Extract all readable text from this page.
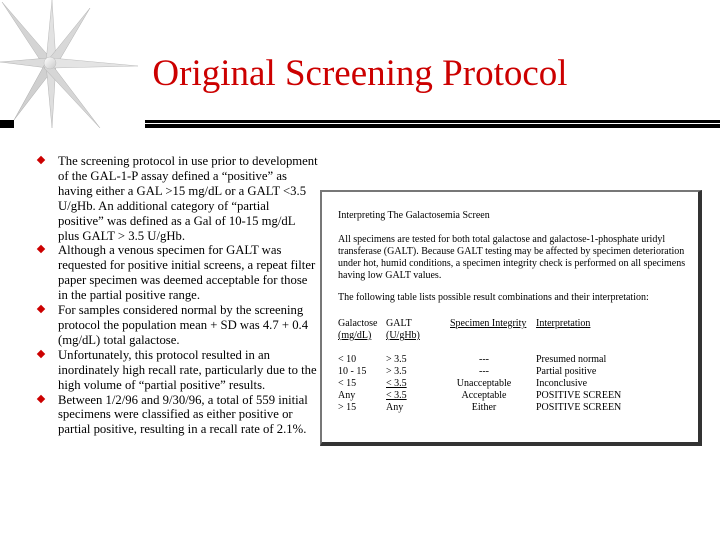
Original Screening Protocol
The screening protocol in use prior to development of the GAL-1-P assay defined a “positive” as having either a GAL >15 mg/dL or a GALT <3.5 U/gHb. An additional category of “partial positive” was defined as a Gal of 10-15 mg/dL plus GALT > 3.5 U/gHb.
Although a venous specimen for GALT was requested for positive initial screens, a repeat filter paper specimen was deemed acceptable for those in the partial positive range.
For samples considered normal by the screening protocol the population mean + SD was 4.7 + 0.4 (mg/dL) total galactose.
Unfortunately, this protocol resulted in an inordinately high recall rate, particularly due to the high volume of “partial positive” results.
Between 1/2/96 and 9/30/96, a total of 559 initial specimens were classified as either positive or partial positive, resulting in a recall rate of 2.1%.
Interpreting The Galactosemia Screen
All specimens are tested for both total galactose and galactose-1-phosphate uridyl transferase (GALT). Because GALT testing may be affected by specimen deterioration under hot, humid conditions, a specimen integrity check is performed on all specimens having low GALT values.
The following table lists possible result combinations and their interpretation:
Galactose
(mg/dL)
< 10
10 - 15
< 15
Any
> 15
GALT
(U/gHb)
> 3.5
> 3.5
< 3.5
< 3.5
Any
Specimen Integrity
---
---
Unacceptable
Acceptable
Either
Interpretation
Presumed normal
Partial positive
Inconclusive
POSITIVE SCREEN
POSITIVE SCREEN
